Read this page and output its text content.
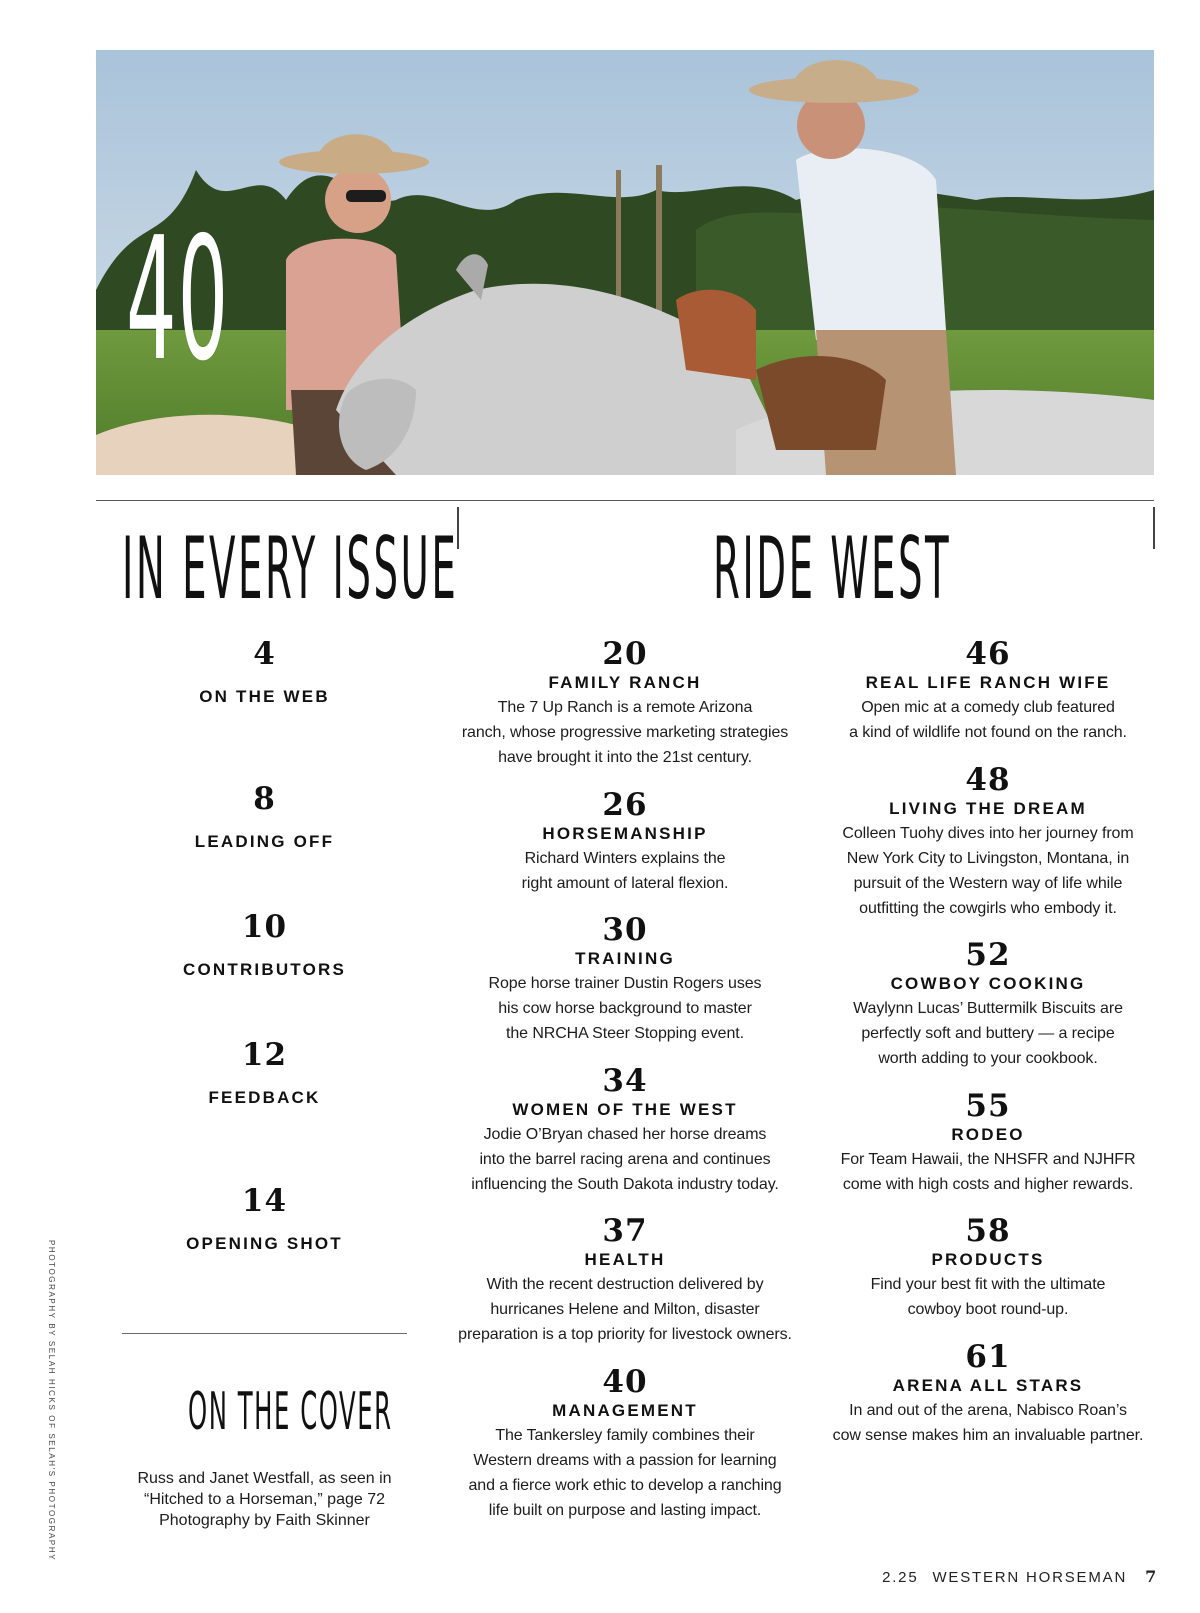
40
IN EVERY ISSUE	RIDE WEST
4
ON THE WEB
8
LEADING OFF
10
CONTRIBUTORS
12
FEEDBACK
14
OPENING SHOT
ON THE COVER
Russ and Janet Westfall, as seen in
“Hitched to a Horseman,” page 72
Photography by Faith Skinner
20
FAMILY RANCH
The 7 Up Ranch is a remote Arizona
ranch, whose progressive marketing strategies
have brought it into the 21st century.
26
HORSEMANSHIP
Richard Winters explains the
right amount of lateral flexion.
30
TRAINING
Rope horse trainer Dustin Rogers uses
his cow horse background to master
the NRCHA Steer Stopping event.
34
WOMEN OF THE WEST
Jodie O’Bryan chased her horse dreams
into the barrel racing arena and continues
influencing the South Dakota industry today.
37
HEALTH
With the recent destruction delivered by
hurricanes Helene and Milton, disaster
preparation is a top priority for livestock owners.
40
MANAGEMENT
The Tankersley family combines their
Western dreams with a passion for learning
and a fierce work ethic to develop a ranching
life built on purpose and lasting impact.
46
REAL LIFE RANCH WIFE
Open mic at a comedy club featured
a kind of wildlife not found on the ranch.
48
LIVING THE DREAM
Colleen Tuohy dives into her journey from
New York City to Livingston, Montana, in
pursuit of the Western way of life while
outfitting the cowgirls who embody it.
52
COWBOY COOKING
Waylynn Lucas’ Buttermilk Biscuits are
perfectly soft and buttery — a recipe
worth adding to your cookbook.
55
RODEO
For Team Hawaii, the NHSFR and NJHFR
come with high costs and higher rewards.
58
PRODUCTS
Find your best fit with the ultimate
cowboy boot round-up.
61
ARENA ALL STARS
In and out of the arena, Nabisco Roan’s
cow sense makes him an invaluable partner.
PHOTOGRAPHY BY SELAH HICKS OF SELAH'S PHOTOGRAPHY
2.25 WESTERN HORSEMAN 7
